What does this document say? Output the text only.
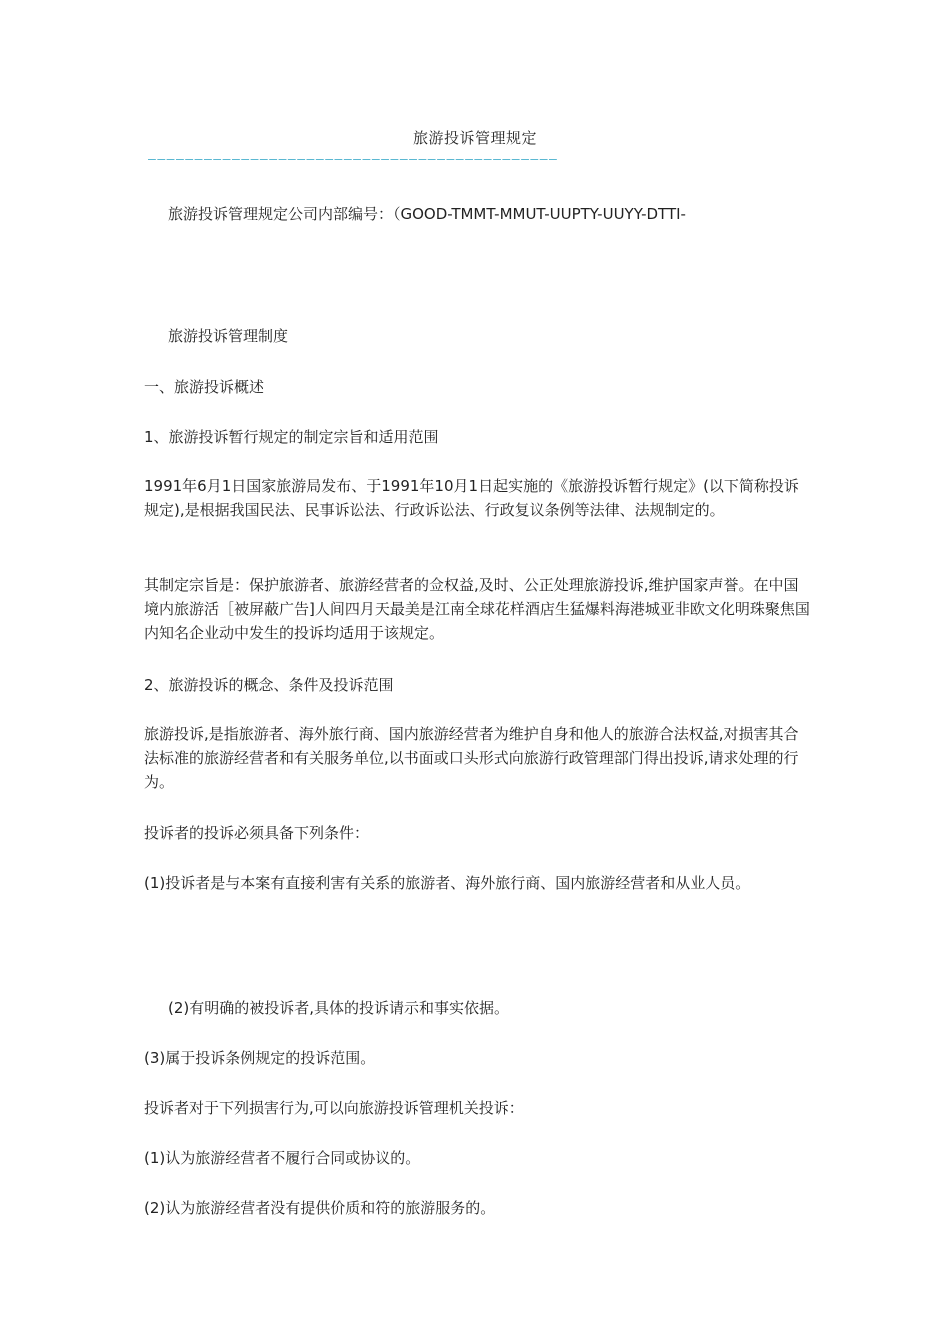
旅游投诉管理规定
————————————————————————————————————————————
旅游投诉管理规定公司内部编号：（GOOD-TMMT-MMUT-UUPTY-UUYY-DTTI-
旅游投诉管理制度
一、旅游投诉概述
1、旅游投诉暂行规定的制定宗旨和适用范围
1991年6月1日国家旅游局发布、于1991年10月1日起实施的《旅游投诉暂行规定》(以下简称投诉规定),是根据我国民法、民事诉讼法、行政诉讼法、行政复议条例等法律、法规制定的。
其制定宗旨是：保护旅游者、旅游经营者的佥权益,及时、公正处理旅游投诉,维护国家声誉。在中国境内旅游活［被屏蔽广告]人间四月天最美是江南全球花样酒店生猛爆料海港城亚非欧文化明珠聚焦国内知名企业动中发生的投诉均适用于该规定。
2、旅游投诉的概念、条件及投诉范围
旅游投诉,是指旅游者、海外旅行商、国内旅游经营者为维护自身和他人的旅游合法权益,对损害其合法标准的旅游经营者和有关服务单位,以书面或口头形式向旅游行政管理部门得出投诉,请求处理的行为。
投诉者的投诉必须具备下列条件：
(1)投诉者是与本案有直接利害有关系的旅游者、海外旅行商、国内旅游经营者和从业人员。
(2)有明确的被投诉者,具体的投诉请示和事实依据。
(3)属于投诉条例规定的投诉范围。
投诉者对于下列损害行为,可以向旅游投诉管理机关投诉：
(1)认为旅游经营者不履行合同或协议的。
(2)认为旅游经营者没有提供价质和符的旅游服务的。
